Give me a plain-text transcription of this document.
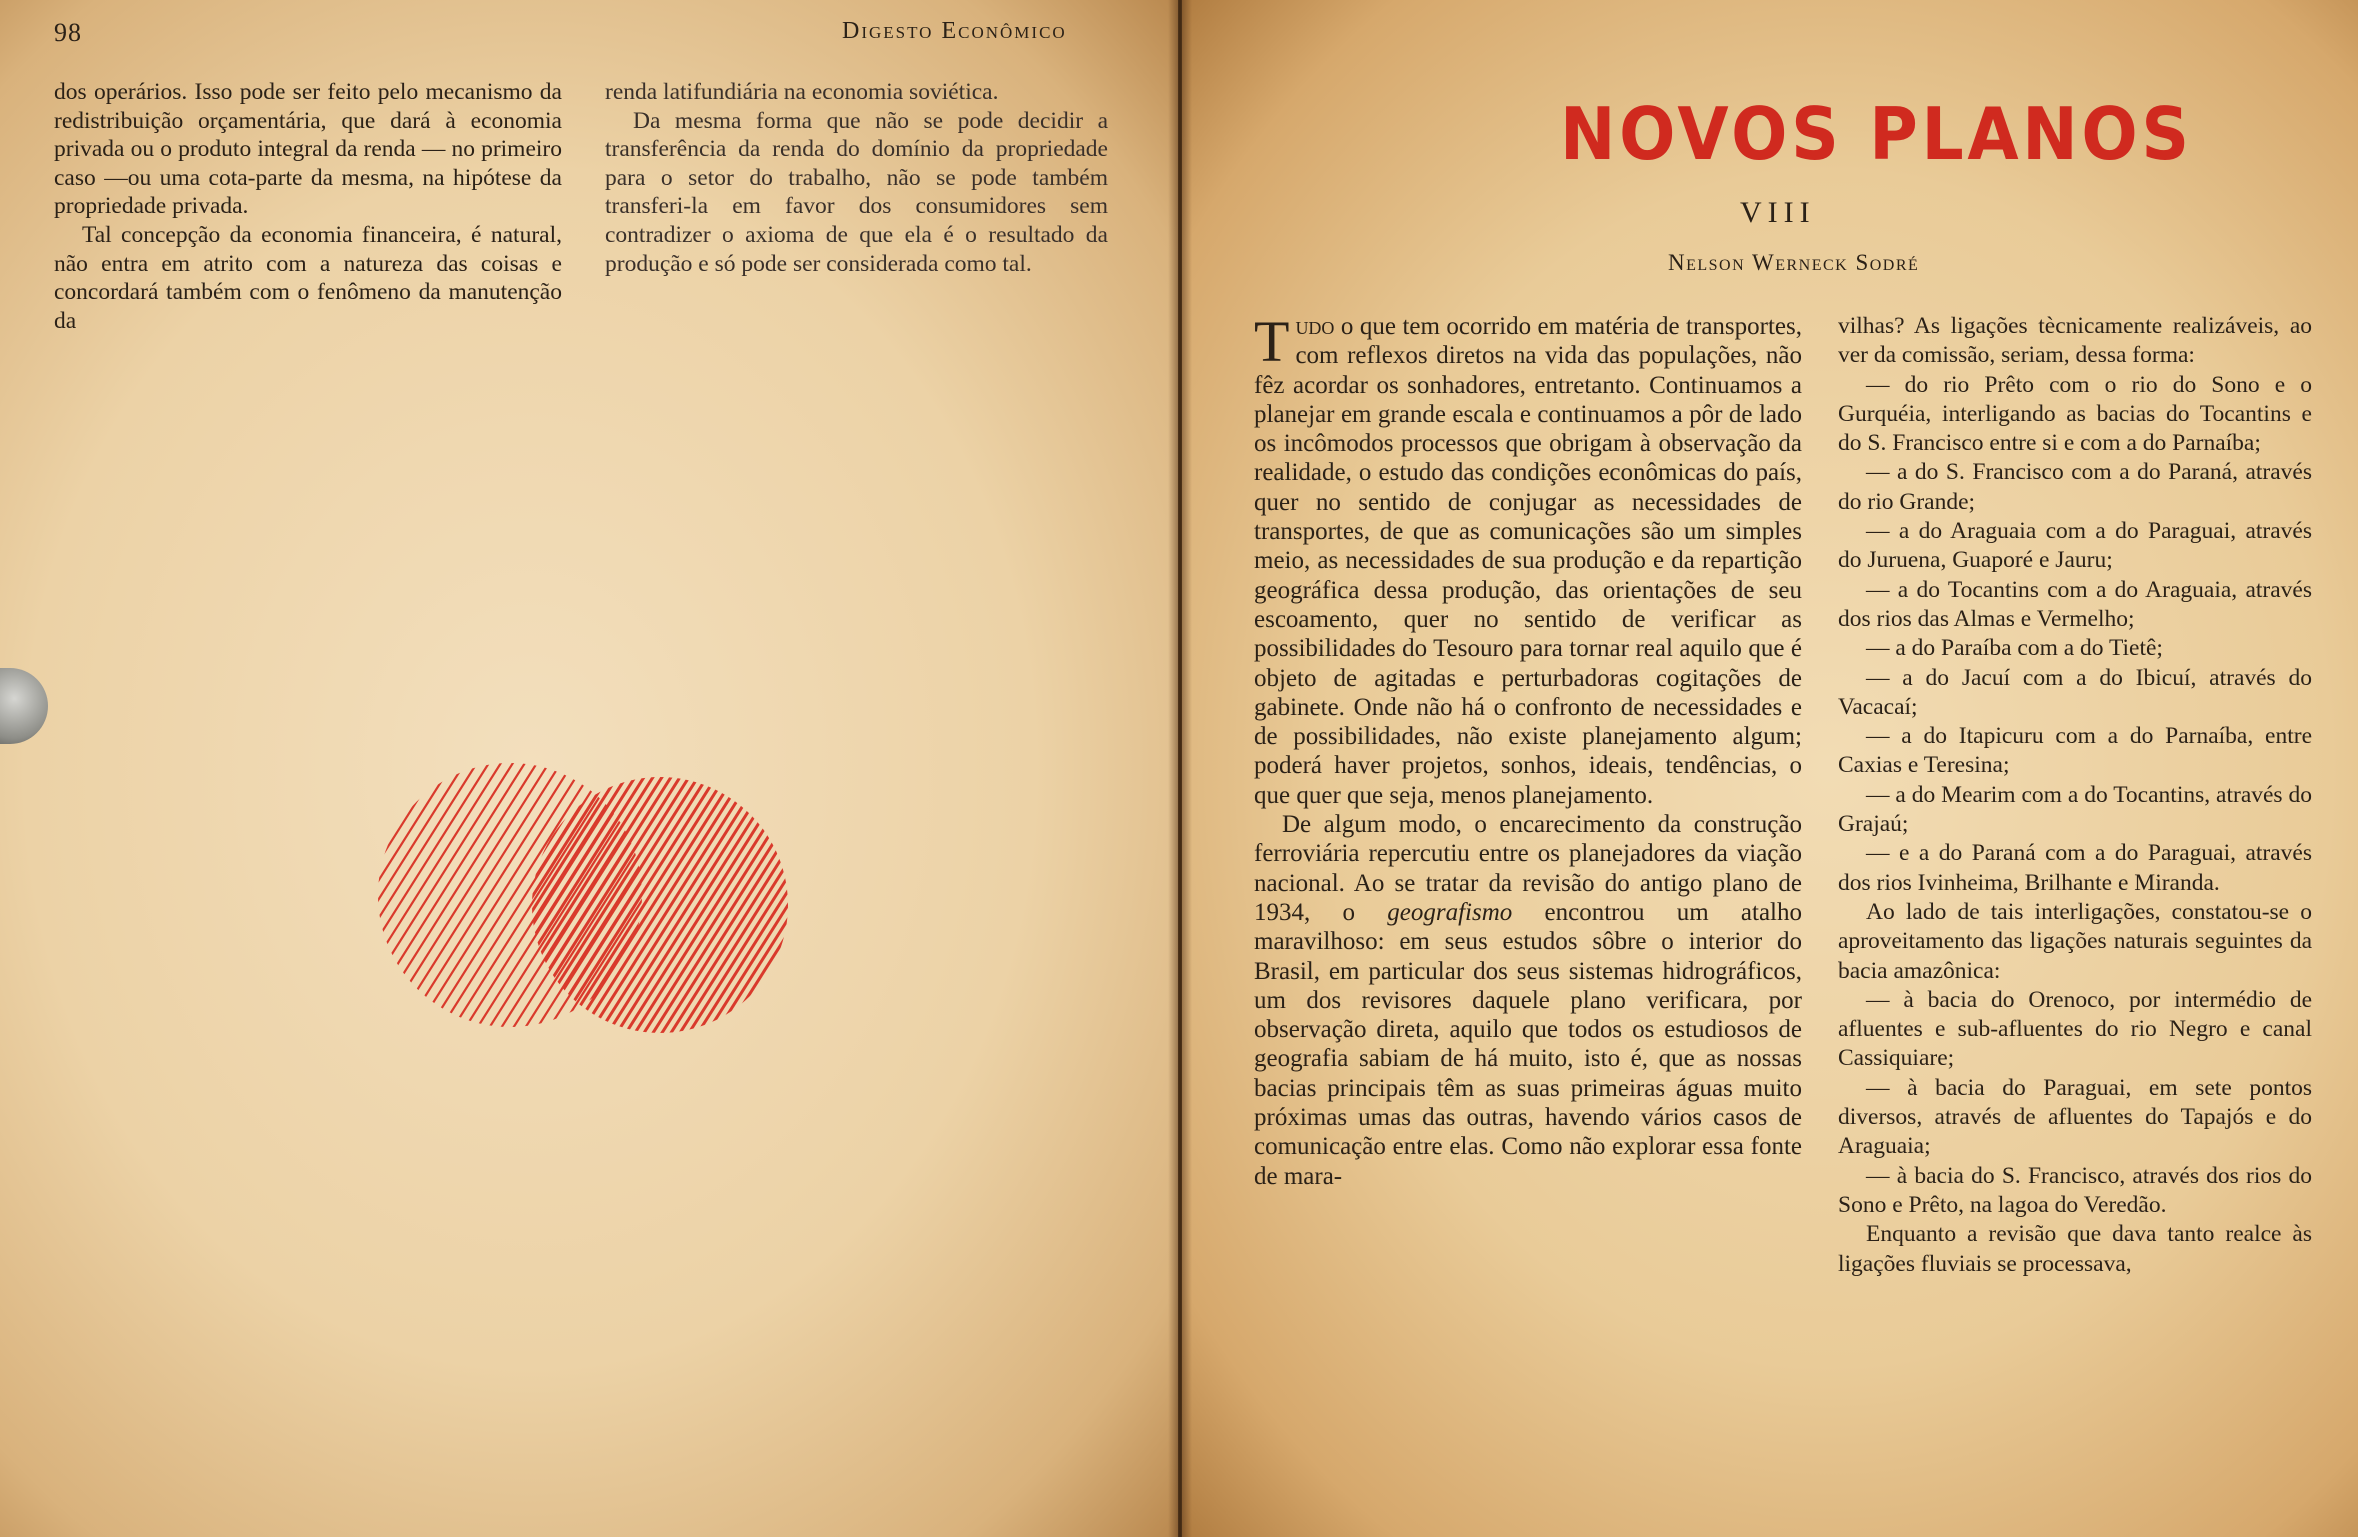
98	Digesto Econômico

dos operários. Isso pode ser feito pelo mecanismo da redistribuição orçamentária, que dará à economia privada ou o produto integral da renda — no primeiro caso —ou uma cota-parte da mesma, na hipótese da propriedade privada.

Tal concepção da economia financeira, é natural, não entra em atrito com a natureza das coisas e concordará também com o fenômeno da manutenção da

renda latifundiária na economia soviética.

Da mesma forma que não se pode decidir a transferência da renda do domínio da propriedade para o setor do trabalho, não se pode também transferi-la em favor dos consumidores sem contradizer o axioma de que ela é o resultado da produção e só pode ser considerada como tal.

NOVOS PLANOS
VIII
Nelson Werneck Sodré

Tudo o que tem ocorrido em matéria de transportes, com reflexos diretos na vida das populações, não fêz acordar os sonhadores, entretanto. Continuamos a planejar em grande escala e continuamos a pôr de lado os incômodos processos que obrigam à observação da realidade, o estudo das condições econômicas do país, quer no sentido de conjugar as necessidades de transportes, de que as comunicações são um simples meio, as necessidades de sua produção e da repartição geográfica dessa produção, das orientações de seu escoamento, quer no sentido de verificar as possibilidades do Tesouro para tornar real aquilo que é objeto de agitadas e perturbadoras cogitações de gabinete. Onde não há o confronto de necessidades e de possibilidades, não existe planejamento algum; poderá haver projetos, sonhos, ideais, tendências, o que quer que seja, menos planejamento.

De algum modo, o encarecimento da construção ferroviária repercutiu entre os planejadores da viação nacional. Ao se tratar da revisão do antigo plano de 1934, o geografismo encontrou um atalho maravilhoso: em seus estudos sôbre o interior do Brasil, em particular dos seus sistemas hidrográficos, um dos revisores daquele plano verificara, por observação direta, aquilo que todos os estudiosos de geografia sabiam de há muito, isto é, que as nossas bacias principais têm as suas primeiras águas muito próximas umas das outras, havendo vários casos de comunicação entre elas. Como não explorar essa fonte de mara-

vilhas? As ligações tècnicamente realizáveis, ao ver da comissão, seriam, dessa forma:

— do rio Prêto com o rio do Sono e o Gurquéia, interligando as bacias do Tocantins e do S. Francisco entre si e com a do Parnaíba;

— a do S. Francisco com a do Paraná, através do rio Grande;

— a do Araguaia com a do Paraguai, através do Juruena, Guaporé e Jauru;

— a do Tocantins com a do Araguaia, através dos rios das Almas e Vermelho;

— a do Paraíba com a do Tietê;

— a do Jacuí com a do Ibicuí, através do Vacacaí;

— a do Itapicuru com a do Parnaíba, entre Caxias e Teresina;

— a do Mearim com a do Tocantins, através do Grajaú;

— e a do Paraná com a do Paraguai, através dos rios Ivinheima, Brilhante e Miranda.

Ao lado de tais interligações, constatou-se o aproveitamento das ligações naturais seguintes da bacia amazônica:

— à bacia do Orenoco, por intermédio de afluentes e sub-afluentes do rio Negro e canal Cassiquiare;

— à bacia do Paraguai, em sete pontos diversos, através de afluentes do Tapajós e do Araguaia;

— à bacia do S. Francisco, através dos rios do Sono e Prêto, na lagoa do Veredão.

Enquanto a revisão que dava tanto realce às ligações fluviais se processava,
